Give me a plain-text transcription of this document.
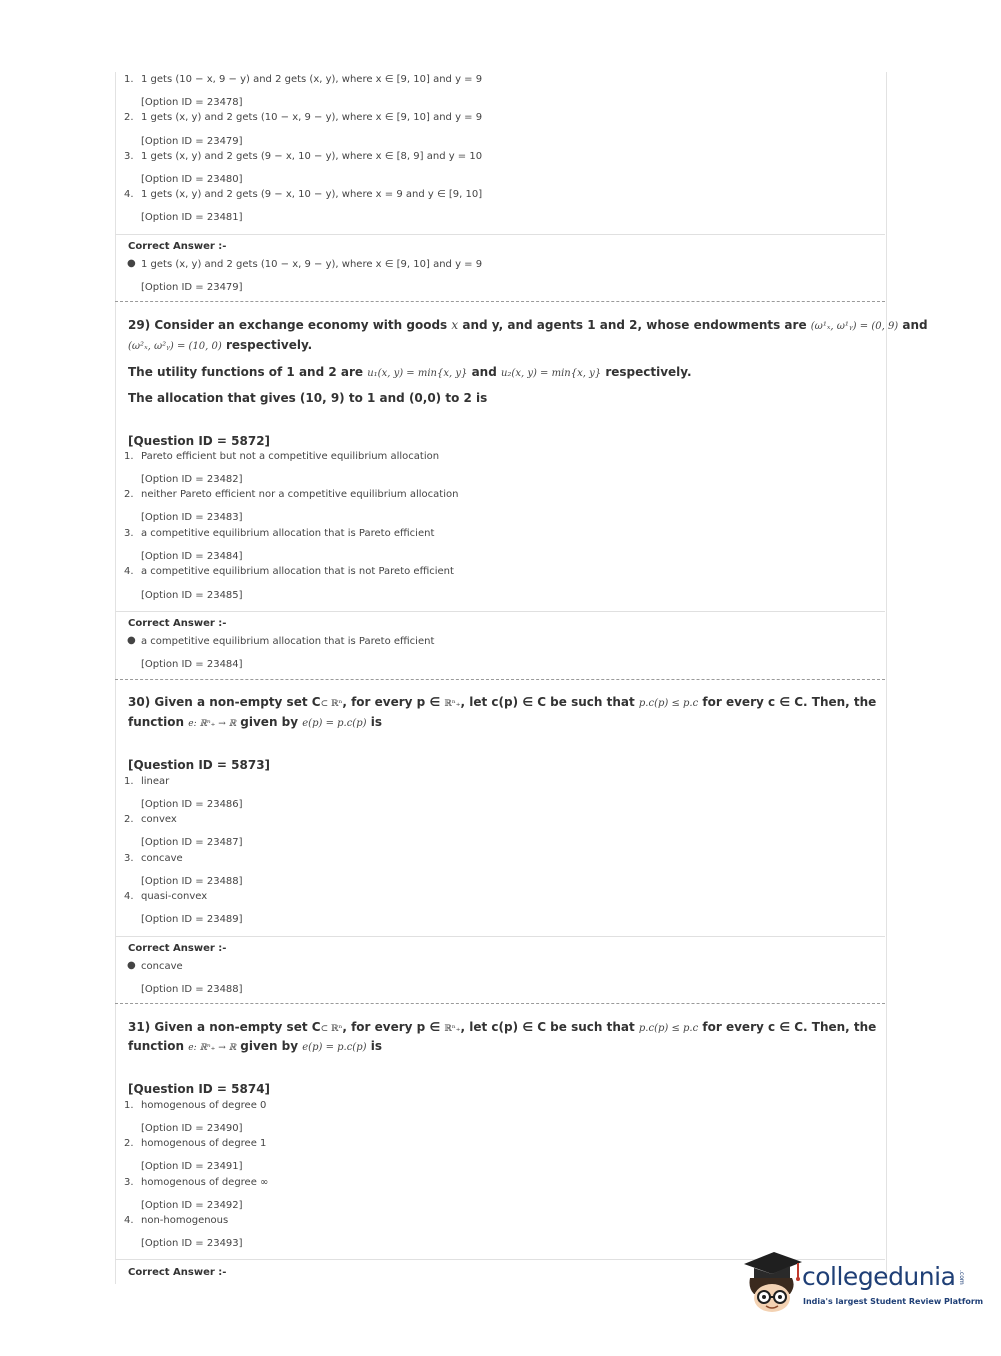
1. 1 gets (10 − x, 9 − y) and 2 gets (x, y), where x ∈ [9, 10] and y = 9
[Option ID = 23478]
2. 1 gets (x, y) and 2 gets (10 − x, 9 − y), where x ∈ [9, 10] and y = 9
[Option ID = 23479]
3. 1 gets (x, y) and 2 gets (9 − x, 10 − y), where x ∈ [8, 9] and y = 10
[Option ID = 23480]
4. 1 gets (x, y) and 2 gets (9 − x, 10 − y), where x = 9 and y ∈ [9, 10]
[Option ID = 23481]
Correct Answer :-
● 1 gets (x, y) and 2 gets (10 − x, 9 − y), where x ∈ [9, 10] and y = 9
[Option ID = 23479]
29) Consider an exchange economy with goods x and y, and agents 1 and 2, whose endowments are (ω¹ₓ, ω¹ᵧ) = (0, 9) and
(ω²ₓ, ω²ᵧ) = (10, 0) respectively.
The utility functions of 1 and 2 are u₁(x, y) = min{x, y} and u₂(x, y) = min{x, y} respectively.
The allocation that gives (10, 9) to 1 and (0,0) to 2 is
[Question ID = 5872]
1. Pareto efficient but not a competitive equilibrium allocation
[Option ID = 23482]
2. neither Pareto efficient nor a competitive equilibrium allocation
[Option ID = 23483]
3. a competitive equilibrium allocation that is Pareto efficient
[Option ID = 23484]
4. a competitive equilibrium allocation that is not Pareto efficient
[Option ID = 23485]
Correct Answer :-
● a competitive equilibrium allocation that is Pareto efficient
[Option ID = 23484]
30) Given a non-empty set C⊂ ℝⁿ, for every p ∈ ℝⁿ₊, let c(p) ∈ C be such that p.c(p) ≤ p.c for every c ∈ C. Then, the
function e: ℝⁿ₊ → ℝ given by e(p) = p.c(p) is
[Question ID = 5873]
1. linear
[Option ID = 23486]
2. convex
[Option ID = 23487]
3. concave
[Option ID = 23488]
4. quasi-convex
[Option ID = 23489]
Correct Answer :-
● concave
[Option ID = 23488]
31) Given a non-empty set C⊂ ℝⁿ, for every p ∈ ℝⁿ₊, let c(p) ∈ C be such that p.c(p) ≤ p.c for every c ∈ C. Then, the
function e: ℝⁿ₊ → ℝ given by e(p) = p.c(p) is
[Question ID = 5874]
1. homogenous of degree 0
[Option ID = 23490]
2. homogenous of degree 1
[Option ID = 23491]
3. homogenous of degree ∞
[Option ID = 23492]
4. non-homogenous
[Option ID = 23493]
Correct Answer :-	collegedunia .com
India's largest Student Review Platform
